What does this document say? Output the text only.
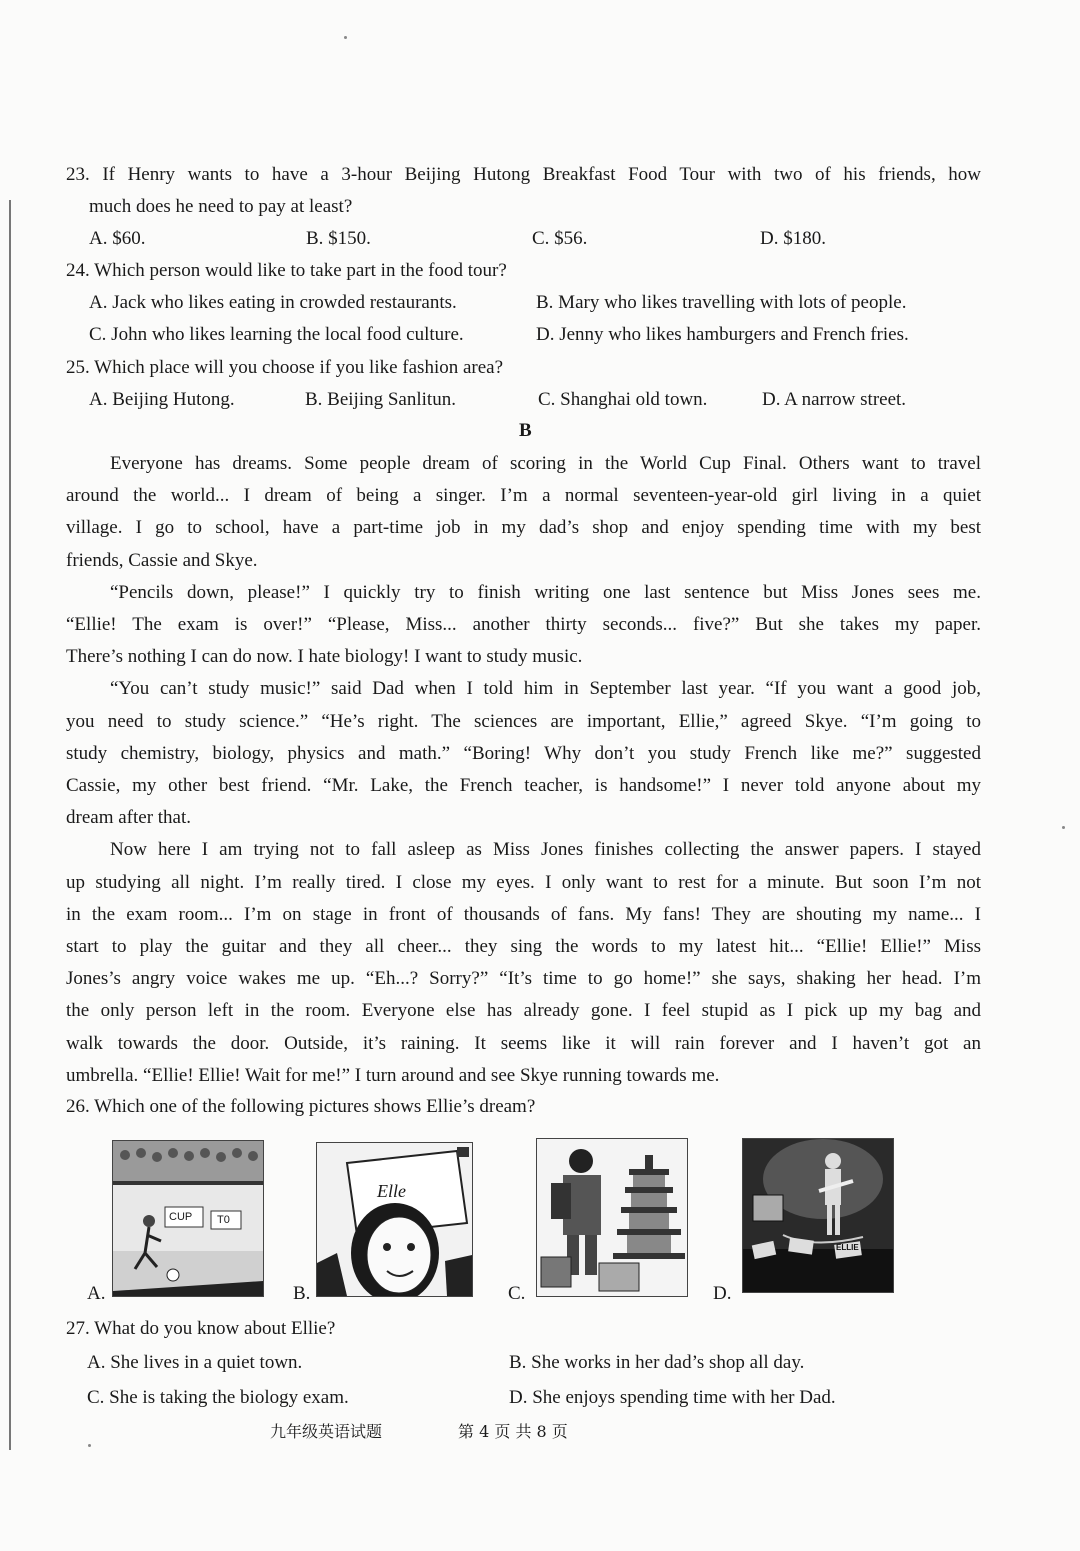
23. If Henry wants to have a 3-hour Beijing Hutong Breakfast Food Tour with two of his friends, how
much does he need to pay at least?
A. $60.	B. $150.	C. $56.	D. $180.
24. Which person would like to take part in the food tour?
A. Jack who likes eating in crowded restaurants.	B. Mary who likes travelling with lots of people.
C. John who likes learning the local food culture.	D. Jenny who likes hamburgers and French fries.
25. Which place will you choose if you like fashion area?
A. Beijing Hutong.	B. Beijing Sanlitun.	C. Shanghai old town.	D. A narrow street.
B
Everyone has dreams. Some people dream of scoring in the World Cup Final. Others want to travel
around the world... I dream of being a singer. I’m a normal seventeen-year-old girl living in a quiet
village. I go to school, have a part-time job in my dad’s shop and enjoy spending time with my best
friends, Cassie and Skye.
“Pencils down, please!” I quickly try to finish writing one last sentence but Miss Jones sees me.
“Ellie! The exam is over!” “Please, Miss... another thirty seconds... five?” But she takes my paper.
There’s nothing I can do now. I hate biology! I want to study music.
“You can’t study music!” said Dad when I told him in September last year. “If you want a good job,
you need to study science.” “He’s right. The sciences are important, Ellie,” agreed Skye. “I’m going to
study chemistry, biology, physics and math.” “Boring! Why don’t you study French like me?” suggested
Cassie, my other best friend. “Mr. Lake, the French teacher, is handsome!” I never told anyone about my
dream after that.
Now here I am trying not to fall asleep as Miss Jones finishes collecting the answer papers. I stayed
up studying all night. I’m really tired. I close my eyes. I only want to rest for a minute. But soon I’m not
in the exam room... I’m on stage in front of thousands of fans. My fans! They are shouting my name... I
start to play the guitar and they all cheer... they sing the words to my latest hit... “Ellie! Ellie!” Miss
Jones’s angry voice wakes me up. “Eh...? Sorry?” “It’s time to go home!” she says, shaking her head. I’m
the only person left in the room. Everyone else has already gone. I feel stupid as I pick up my bag and
walk towards the door. Outside, it’s raining. It seems like it will rain forever and I haven’t got an
umbrella. “Ellie! Ellie! Wait for me!” I turn around and see Skye running towards me.
26. Which one of the following pictures shows Ellie’s dream?
CUP T0
A.
Elle
B.	C.
ELLIE
D.
27. What do you know about Ellie?
A. She lives in a quiet town.	B. She works in her dad’s shop all day.
C. She is taking the biology exam.	D. She enjoys spending time with her Dad.
九年级英语试题	第 4 页 共 8 页
